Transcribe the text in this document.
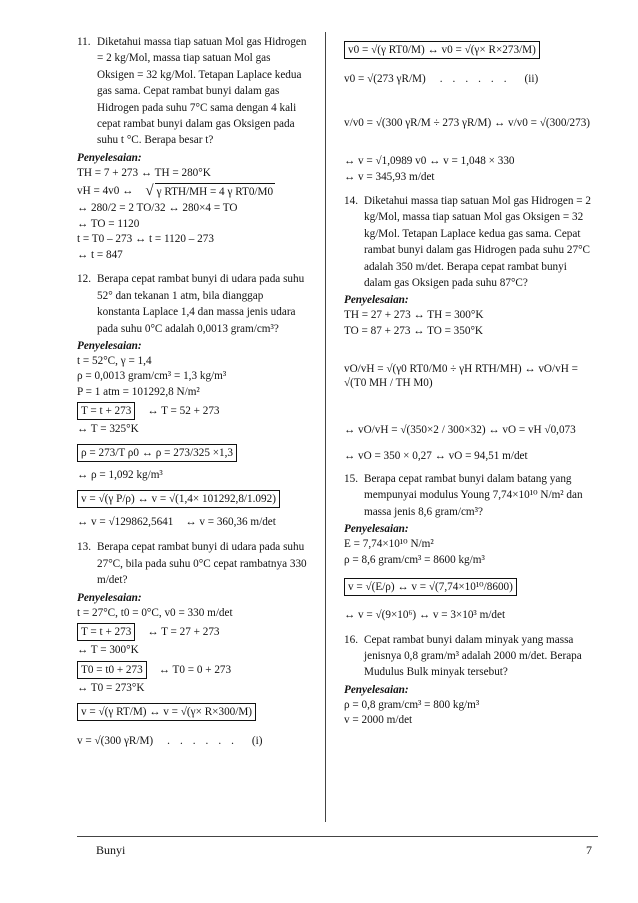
11. Diketahui massa tiap satuan Mol gas Hidrogen = 2 kg/Mol, massa tiap satuan Mol gas Oksigen = 32 kg/Mol. Tetapan Laplace kedua gas sama. Cepat rambat bunyi dalam gas Hidrogen pada suhu 7°C sama dengan 4 kali cepat rambat bunyi dalam gas Oksigen pada suhu t °C. Berapa besar t?
Penyelesaian:
TH = 7 + 273 ↔ TH = 280°K
vH = 4v0 ↔ √ γ RTH/MH = 4 γ RT0/M0
↔ 280/2 = 2 TO/32 ↔ 280×4 = TO
↔ TO = 1120
t = T0 – 273 ↔ t = 1120 – 273
↔ t = 847
12. Berapa cepat rambat bunyi di udara pada suhu 52° dan tekanan 1 atm, bila dianggap konstanta Laplace 1,4 dan massa jenis udara pada suhu 0°C adalah 0,0013 gram/cm³?
Penyelesaian:
t = 52°C, γ = 1,4
ρ = 0,0013 gram/cm³ = 1,3 kg/m³
P = 1 atm = 101292,8 N/m²
T = t + 273	↔ T = 52 + 273
↔ T = 325°K
ρ = 273/T ρ0 ↔ ρ = 273/325 ×1,3
↔ ρ = 1,092 kg/m³
v = √(γ P/ρ) ↔ v = √(1,4× 101292,8/1.092)
↔ v = √129862,5641 ↔ v = 360,36 m/det
13. Berapa cepat rambat bunyi di udara pada suhu 27°C, bila pada suhu 0°C cepat rambatnya 330 m/det?
Penyelesaian:
t = 27°C, t0 = 0°C, v0 = 330 m/det
T = t + 273	↔ T = 27 + 273
↔ T = 300°K
T0 = t0 + 273	↔ T0 = 0 + 273
↔ T0 = 273°K
v = √(γ RT/M) ↔ v = √(γ× R×300/M)
v = √(300 γR/M) ...... (i)
v0 = √(γ RT0/M) ↔ v0 = √(γ× R×273/M)
v0 = √(273 γR/M) ...... (ii)
v/v0 = √(300 γR/M ÷ 273 γR/M) ↔ v/v0 = √(300/273)
↔ v = √1,0989 v0 ↔ v = 1,048 × 330
↔ v = 345,93 m/det
14. Diketahui massa tiap satuan Mol gas Hidrogen = 2 kg/Mol, massa tiap satuan Mol gas Oksigen = 32 kg/Mol. Tetapan Laplace kedua gas sama. Cepat rambat bunyi dalam gas Hidrogen pada suhu 27°C adalah 350 m/det. Berapa cepat rambat bunyi dalam gas Oksigen pada suhu 87°C?
Penyelesaian:
TH = 27 + 273 ↔ TH = 300°K
TO = 87 + 273 ↔ TO = 350°K
vO/vH = √(γ0 RT0/M0 ÷ γH RTH/MH) ↔ vO/vH = √(T0 MH / TH M0)
↔ vO/vH = √(350×2 / 300×32) ↔ vO = vH √0,073
↔ vO = 350 × 0,27 ↔ vO = 94,51 m/det
15. Berapa cepat rambat bunyi dalam batang yang mempunyai modulus Young 7,74×10¹⁰ N/m² dan massa jenis 8,6 gram/cm³?
Penyelesaian:
E = 7,74×10¹⁰ N/m²
ρ = 8,6 gram/cm³ = 8600 kg/m³
v = √(E/ρ) ↔ v = √(7,74×10¹⁰/8600)
↔ v = √(9×10⁶) ↔ v = 3×10³ m/det
16. Cepat rambat bunyi dalam minyak yang massa jenisnya 0,8 gram/m³ adalah 2000 m/det. Berapa Mudulus Bulk minyak tersebut?
Penyelesaian:
ρ = 0,8 gram/cm³ = 800 kg/m³
v = 2000 m/det
Bunyi	7
